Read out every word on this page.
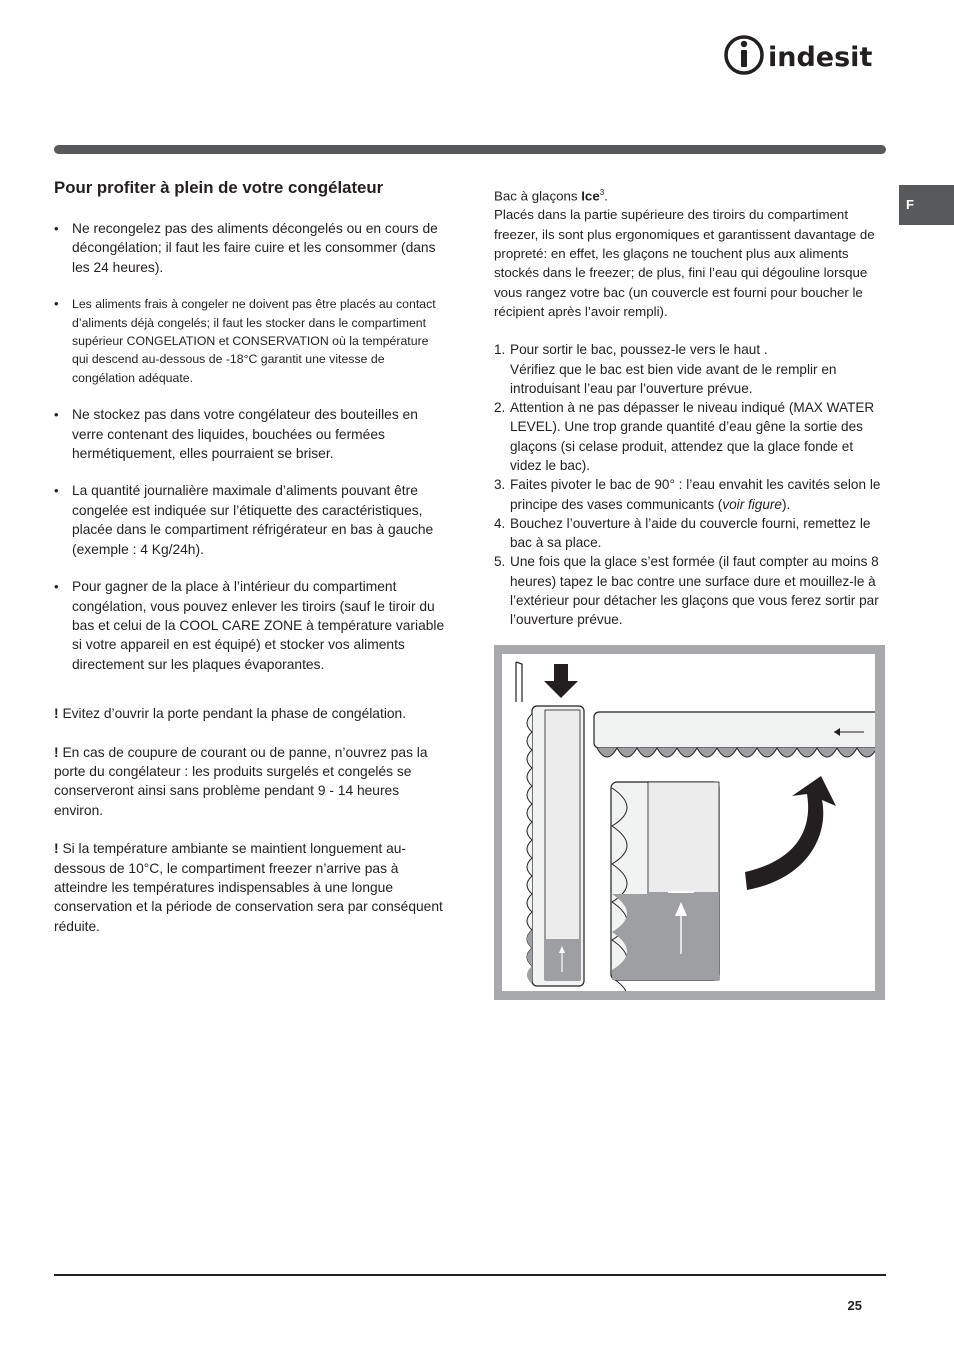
indesit
F
Pour profiter à plein de votre congélateur
• Ne recongelez pas des aliments décongelés ou en cours de décongélation; il faut les faire cuire et les consommer (dans les 24 heures).
• Les aliments frais à congeler ne doivent pas être placés au contact d’aliments déjà congelés; il faut les stocker dans le compartiment supérieur CONGELATION et CONSERVATION où la température qui descend au-dessous de -18°C garantit une vitesse de congélation adéquate.
• Ne stockez pas dans votre congélateur des bouteilles en verre contenant des liquides, bouchées ou fermées hermétiquement, elles pourraient se briser.
• La quantité journalière maximale d’aliments pouvant être congelée est indiquée sur l’étiquette des caractéristiques, placée dans le compartiment réfrigérateur en bas à gauche (exemple : 4 Kg/24h).
• Pour gagner de la place à l’intérieur du compartiment congélation, vous pouvez enlever les tiroirs (sauf le tiroir du bas et celui de la COOL CARE ZONE à température variable si votre appareil en est équipé) et stocker vos aliments directement sur les plaques évaporantes.

! Evitez d’ouvrir la porte pendant la phase de congélation.

! En cas de coupure de courant ou de panne, n’ouvrez pas la porte du congélateur : les produits surgelés et congelés se conserveront ainsi sans problème pendant 9 - 14 heures environ.

! Si la température ambiante se maintient longuement au-dessous de 10°C, le compartiment freezer n’arrive pas à atteindre les températures indispensables à une longue conservation et la période de conservation sera par conséquent réduite.

Bac à glaçons Ice$^3$.

Placés dans la partie supérieure des tiroirs du compartiment freezer, ils sont plus ergonomiques et garantissent davantage de propreté: en effet, les glaçons ne touchent plus aux aliments stockés dans le freezer; de plus, fini l’eau qui dégouline lorsque vous rangez votre bac (un couvercle est fourni pour boucher le récipient après l’avoir rempli).

1. Pour sortir le bac, poussez-le vers le haut .
Vérifiez que le bac est bien vide avant de le remplir en introduisant l’eau par l’ouverture prévue.
2. Attention à ne pas dépasser le niveau indiqué (MAX WATER LEVEL). Une trop grande quantité d’eau gêne la sortie des glaçons (si celase produit, attendez que la glace fonde et videz le bac).
3. Faites pivoter le bac de 90° : l’eau envahit les cavités selon le principe des vases communicants (voir figure).
4. Bouchez l’ouverture à l’aide du couvercle fourni, remettez le bac à sa place.
5. Une fois que la glace s’est formée (il faut compter au moins 8 heures) tapez le bac contre une surface dure et mouillez-le à l’extérieur pour détacher les glaçons que vous ferez sortir par l’ouverture prévue.
25
